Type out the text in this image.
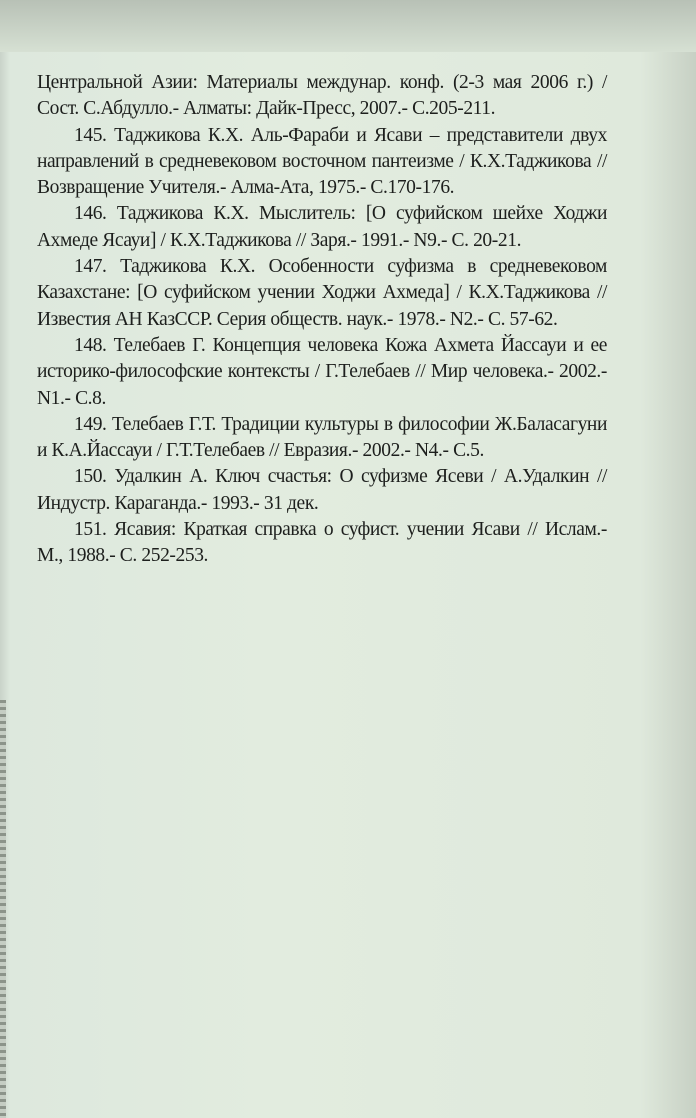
Центральной Азии: Материалы междунар. конф. (2-3 мая 2006 г.) / Сост. С.Абдулло.- Алматы: Дайк-Пресс, 2007.- С.205-211.

145. Таджикова К.Х. Аль-Фараби и Ясави – представители двух направлений в средневековом восточном пантеизме / К.Х.Таджикова // Возвращение Учителя.- Алма-Ата, 1975.- С.170-176.

146. Таджикова К.Х. Мыслитель: [О суфийском шейхе Ходжи Ахмеде Ясауи] / К.Х.Таджикова // Заря.- 1991.- N9.- С. 20-21.

147. Таджикова К.Х. Особенности суфизма в средневековом Казахстане: [О суфийском учении Ходжи Ахмеда] / К.Х.Таджикова // Известия АН КазССР. Серия обществ. наук.- 1978.- N2.- С. 57-62.

148. Телебаев Г. Концепция человека Кожа Ахмета Йассауи и ее историко-философские контексты / Г.Телебаев // Мир человека.- 2002.- N1.- С.8.

149. Телебаев Г.Т. Традиции культуры в философии Ж.Баласагуни и К.А.Йассауи / Г.Т.Телебаев // Евразия.- 2002.- N4.- С.5.

150. Удалкин А. Ключ счастья: О суфизме Ясеви / А.Удалкин // Индустр. Караганда.- 1993.- 31 дек.

151. Ясавия: Краткая справка о суфист. учении Ясави // Ислам.- М., 1988.- С. 252-253.
